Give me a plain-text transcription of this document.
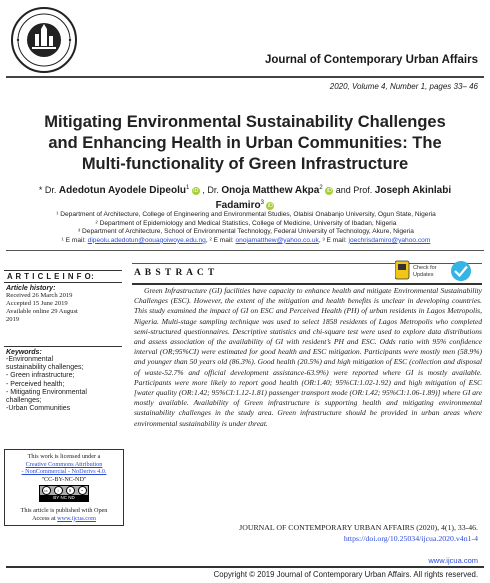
Journal of Contemporary Urban Affairs
2020, Volume 4, Number 1, pages 33– 46
Mitigating Environmental Sustainability Challenges
and Enhancing Health in Urban Communities: The
Multi-functionality of Green Infrastructure
* Dr. Adedotun Ayodele Dipeolu$^1$ iD , Dr. Onoja Matthew Akpa$^2$ iD and Prof. Joseph Akinlabi
Fadamiro$^3$ iD
¹ Department of Architecture, College of Engineering and Environmental Studies, Olabisi Onabanjo University, Ogun State, Nigeria
² Department of Epidemiology and Medical Statistics, College of Medicine, University of Ibadan, Nigeria
³ Department of Architecture, School of Environmental Technology, Federal University of Technology, Akure, Nigeria
¹ E mail: dipeolu.adedotun@oouagoiwoye.edu.ng, ² E mail: onojamatthew@yahoo.co.uk, ³ E mail: joechrisdamiro@yahoo.com
A R T I C L E I N F O:
Article history:
Received 26 March 2019
Accepted 15 June 2019
Available online 29 August
2019
Keywords:
-Environmental
sustainability challenges;
- Green infrastructure;
- Perceived health;
- Mitigating Environmental
challenges;
-Urban Communities
This work is licensed under a
Creative Commons Attribution
- NonCommercial - NoDerivs 4.0.
"CC-BY-NC-ND"
cc	i	$	=
BY NC ND
This article is published with Open
Access at www.ijcua.com
A B S T R A C T	Check for
Updates
Green Infrastructure (GI) facilities have capacity to enhance health and mitigate Environmental Sustainability Challenges (ESC). However, the extent of the mitigation and health benefits is unclear in developing countries. This study examined the impact of GI on ESC and Perceived Health (PH) of urban residents in Lagos Metropolis, Nigeria. Multi-stage sampling technique was used to select 1858 residents of Lagos Metropolis who completed semi-structured questionnaires. Descriptive statistics and chi-square test were used to explore data distributions and assess association of the availability of GI with resident’s PH and ESC. Odds ratio with 95% confidence interval (OR;95%CI) were estimated for good health and ESC mitigation. Participants were mostly men (58.9%) and younger than 50 years old (86.3%). Good health (20.5%) and high mitigation of ESC (collection and disposal of waste-52.7% and official development assistance-63.9%) were reported where GI is mostly available. Participants were more likely to report good health (OR:1.40; 95%CI:1.02-1.92) and high mitigation of ESC [water quality (OR:1.42; 95%CI:1.12-1.81) passenger transport mode (OR:1.42; 95%CI:1.06-1.89)] where GI are mostly available. Availability of Green infrastructure is supporting health and mitigating environmental sustainability challenges in the study area. Green infrastructure should be provided in urban areas where environmental sustainability is under threat.
JOURNAL OF CONTEMPORARY URBAN AFFAIRS (2020), 4(1), 33-46.
https://doi.org/10.25034/ijcua.2020.v4n1-4
www.ijcua.com
Copyright © 2019 Journal of Contemporary Urban Affairs. All rights reserved.
